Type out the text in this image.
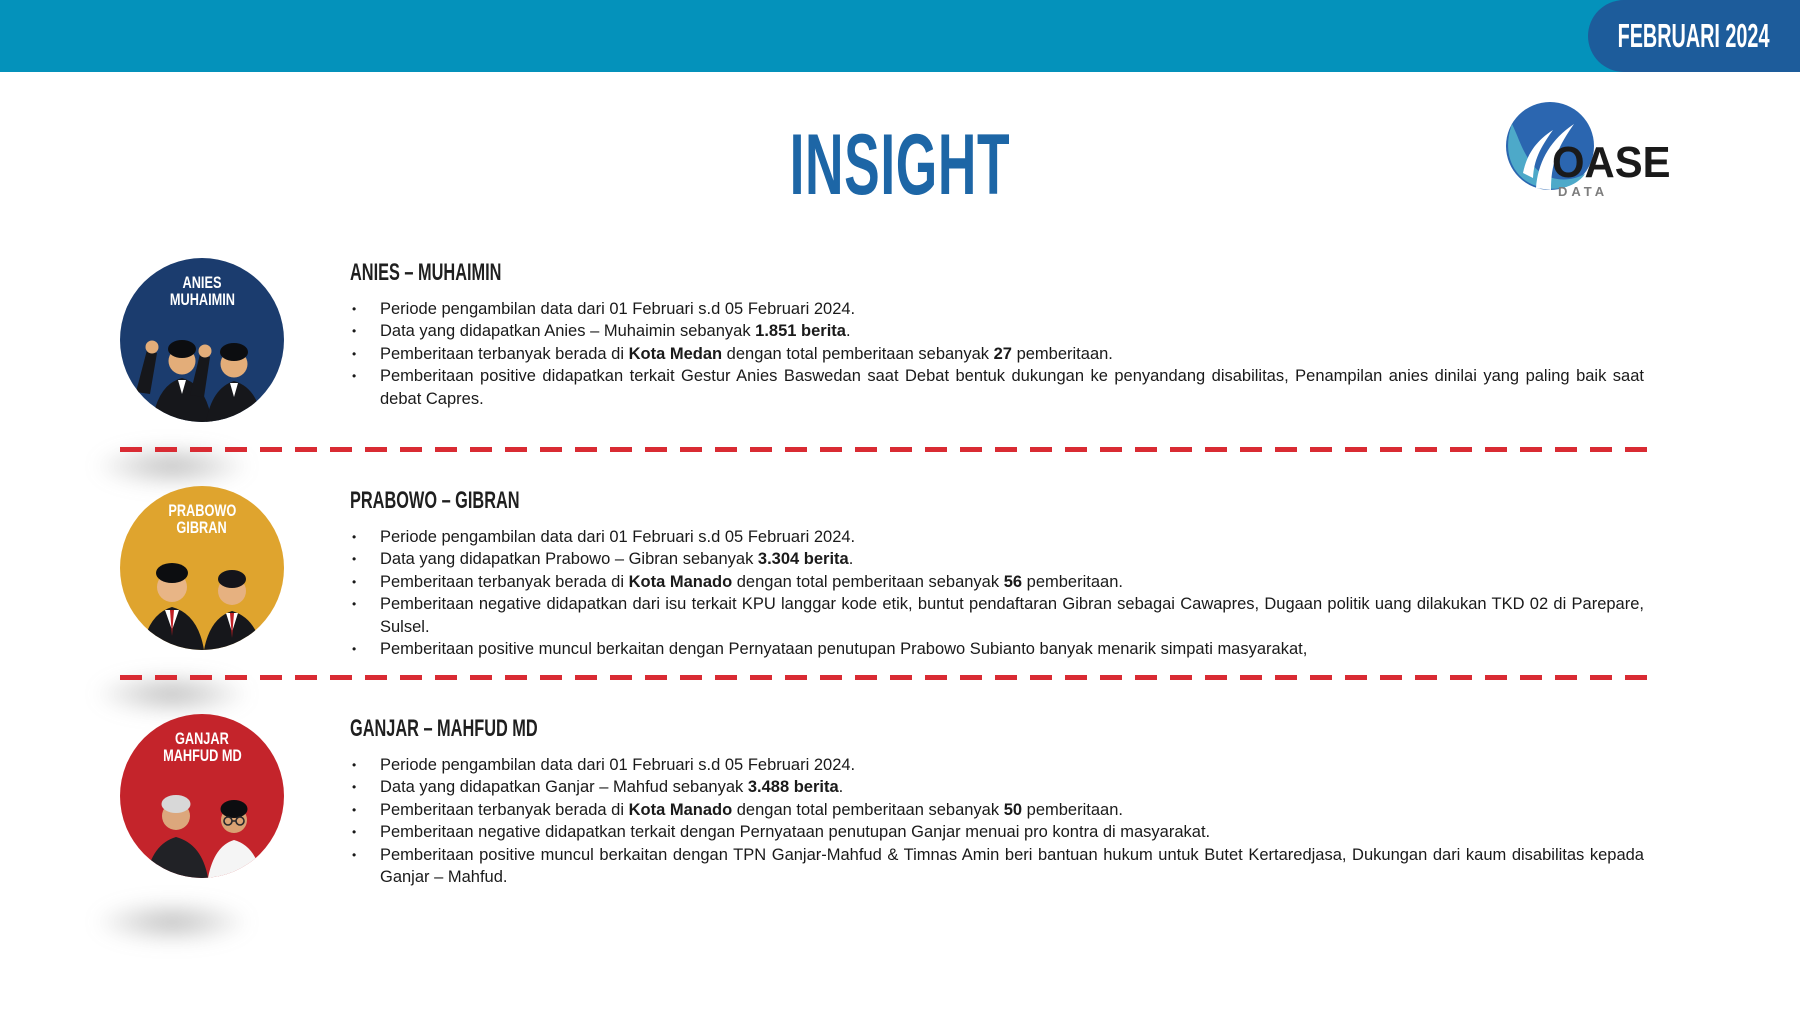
FEBRUARI 2024
INSIGHT	OASE
DATA
ANIES
MUHAIMIN
ANIES – MUHAIMIN
•	Periode pengambilan data dari 01 Februari s.d 05 Februari 2024.
•	Data yang didapatkan Anies – Muhaimin sebanyak 1.851 berita.
•	Pemberitaan terbanyak berada di Kota Medan dengan total pemberitaan sebanyak 27 pemberitaan.
•	Pemberitaan positive didapatkan terkait Gestur Anies Baswedan saat Debat bentuk dukungan ke penyandang disabilitas, Penampilan anies dinilai yang paling baik saat debat Capres.
PRABOWO
GIBRAN
PRABOWO – GIBRAN
•	Periode pengambilan data dari 01 Februari s.d 05 Februari 2024.
•	Data yang didapatkan Prabowo – Gibran sebanyak 3.304 berita.
•	Pemberitaan terbanyak berada di Kota Manado dengan total pemberitaan sebanyak 56 pemberitaan.
•	Pemberitaan negative didapatkan dari isu terkait KPU langgar kode etik, buntut pendaftaran Gibran sebagai Cawapres, Dugaan politik uang dilakukan TKD 02 di Parepare, Sulsel.
•	Pemberitaan positive muncul berkaitan dengan Pernyataan penutupan Prabowo Subianto banyak menarik simpati masyarakat,
GANJAR
MAHFUD MD
GANJAR – MAHFUD MD
•	Periode pengambilan data dari 01 Februari s.d 05 Februari 2024.
•	Data yang didapatkan Ganjar – Mahfud sebanyak 3.488 berita.
•	Pemberitaan terbanyak berada di Kota Manado dengan total pemberitaan sebanyak 50 pemberitaan.
•	Pemberitaan negative didapatkan terkait dengan Pernyataan penutupan Ganjar menuai pro kontra di masyarakat.
•	Pemberitaan positive muncul berkaitan dengan TPN Ganjar-Mahfud & Timnas Amin beri bantuan hukum untuk Butet Kertaredjasa, Dukungan dari kaum disabilitas kepada Ganjar – Mahfud.
